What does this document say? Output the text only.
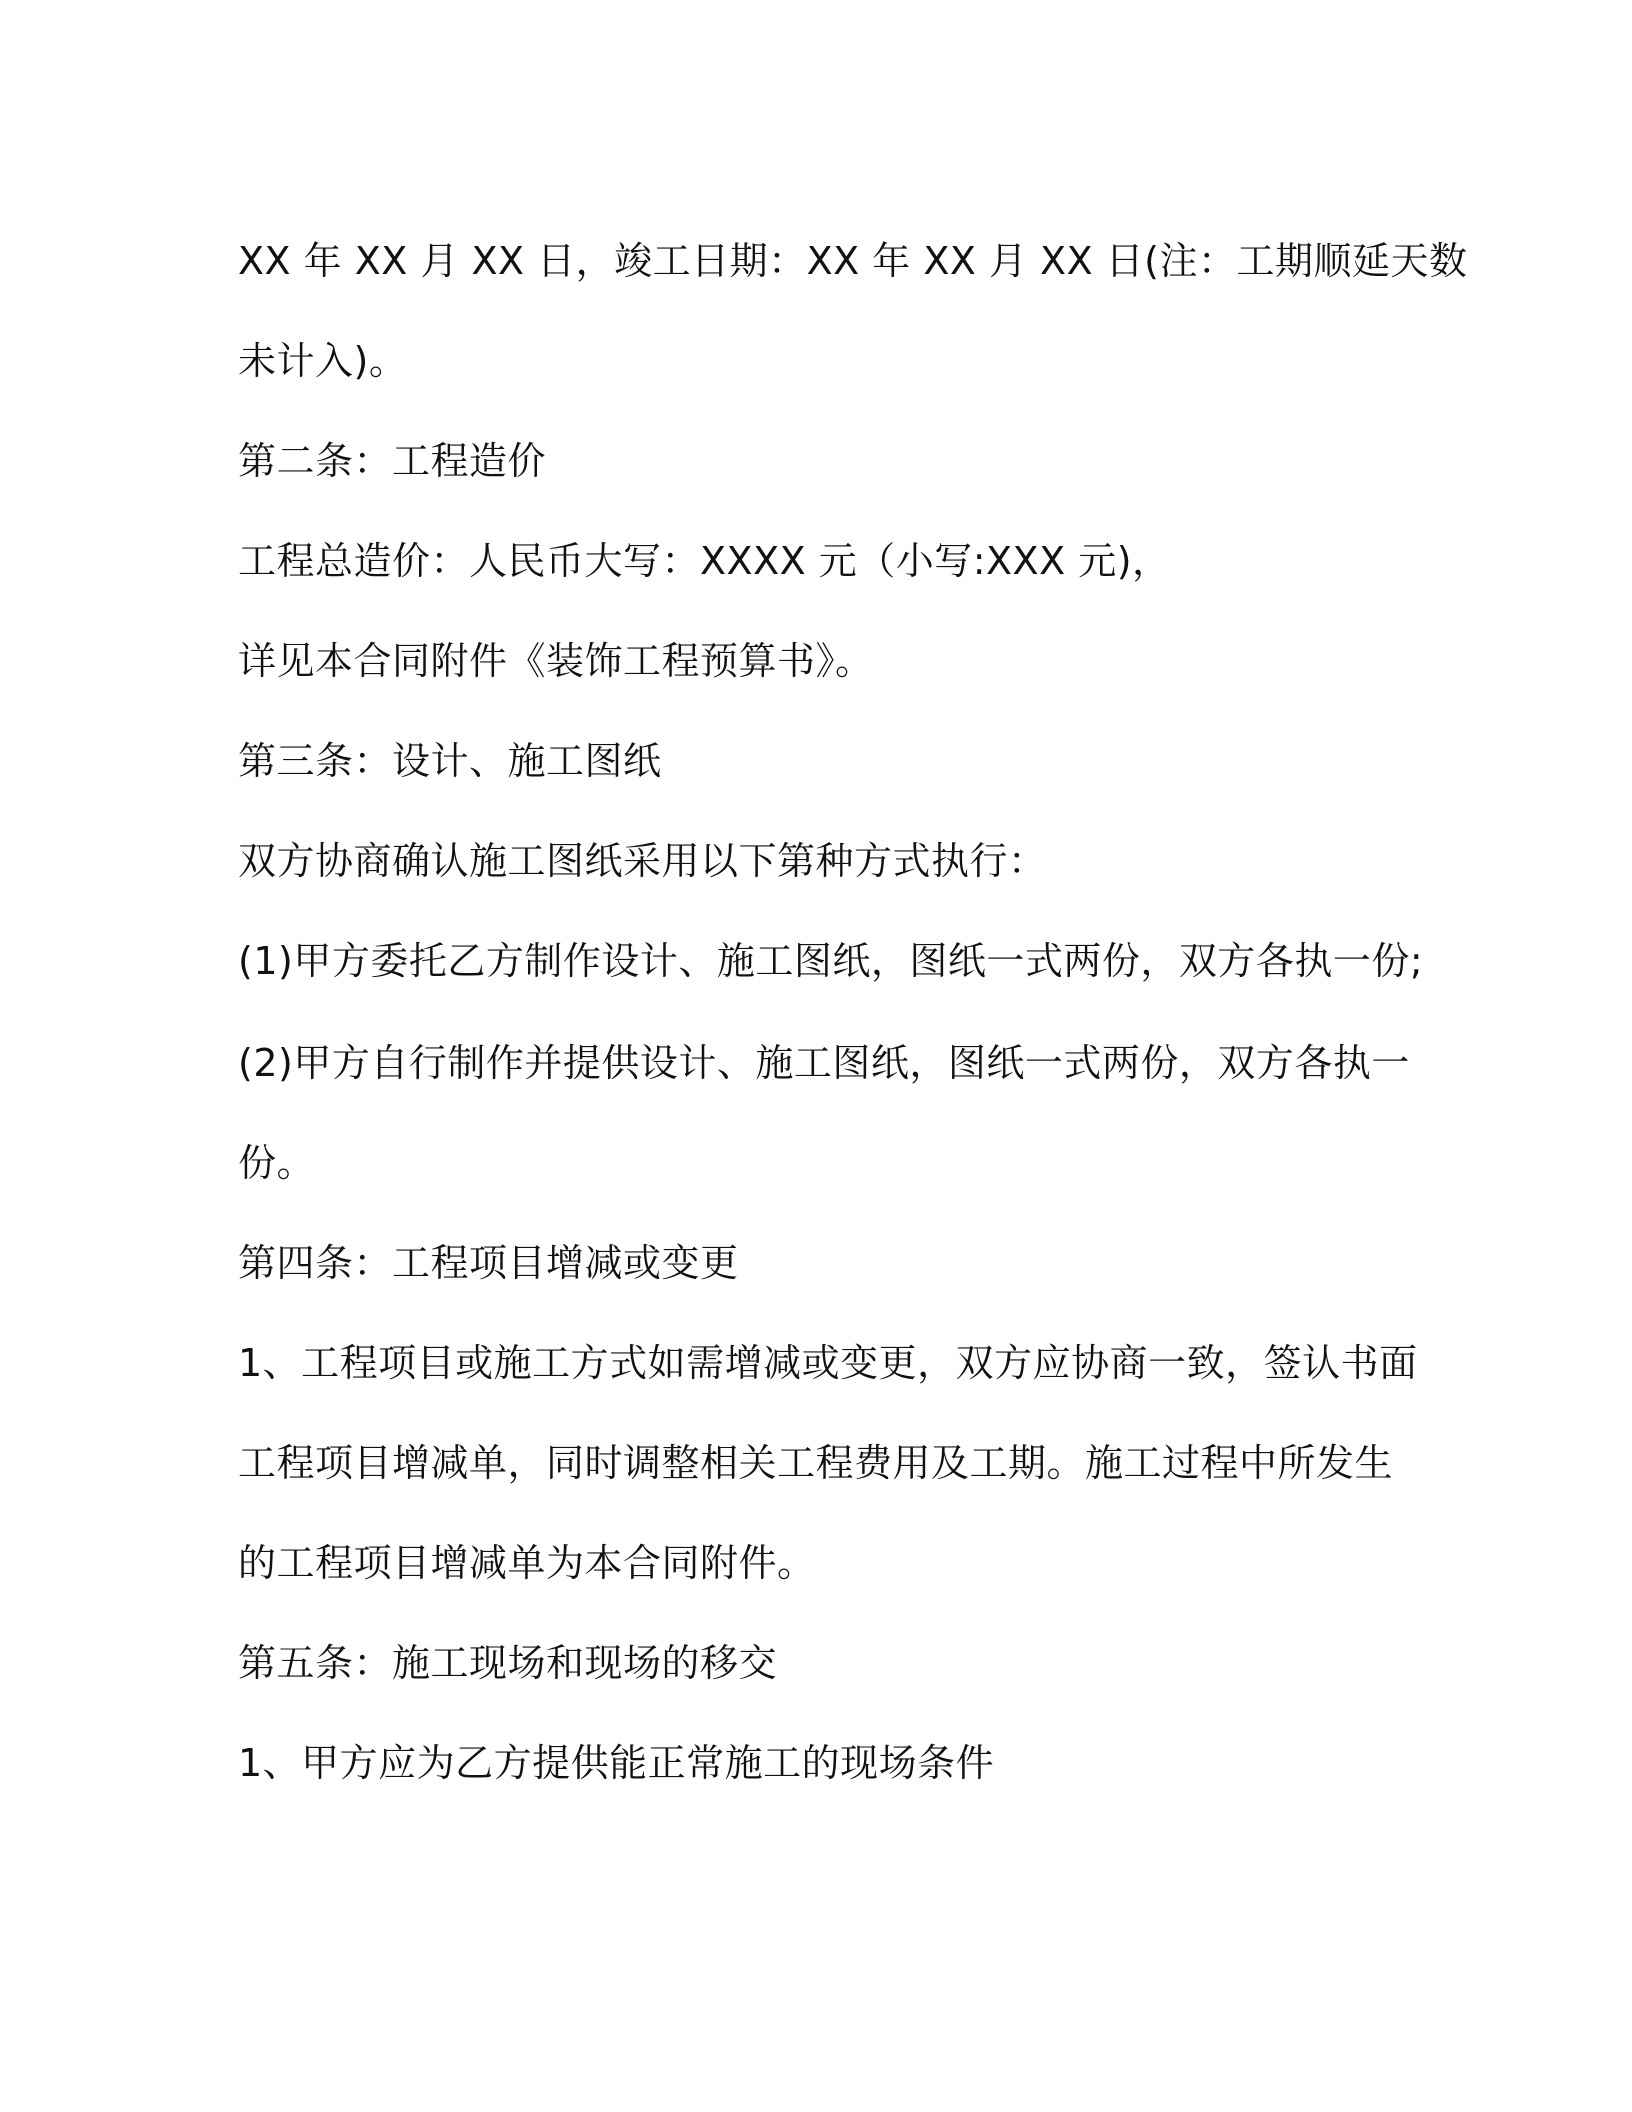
XX 年 XX 月 XX 日，竣工日期：XX 年 XX 月 XX 日(注：工期顺延天数

未计入)。

第二条：工程造价

工程总造价：人民币大写：XXXX 元（小写:XXX 元)，

详见本合同附件《装饰工程预算书》。

第三条：设计、施工图纸

双方协商确认施工图纸采用以下第种方式执行：

(1)甲方委托乙方制作设计、施工图纸，图纸一式两份，双方各执一份;

(2)甲方自行制作并提供设计、施工图纸，图纸一式两份，双方各执一

份。

第四条：工程项目增减或变更

1、工程项目或施工方式如需增减或变更，双方应协商一致，签认书面

工程项目增减单，同时调整相关工程费用及工期。施工过程中所发生

的工程项目增减单为本合同附件。

第五条：施工现场和现场的移交

1、甲方应为乙方提供能正常施工的现场条件
